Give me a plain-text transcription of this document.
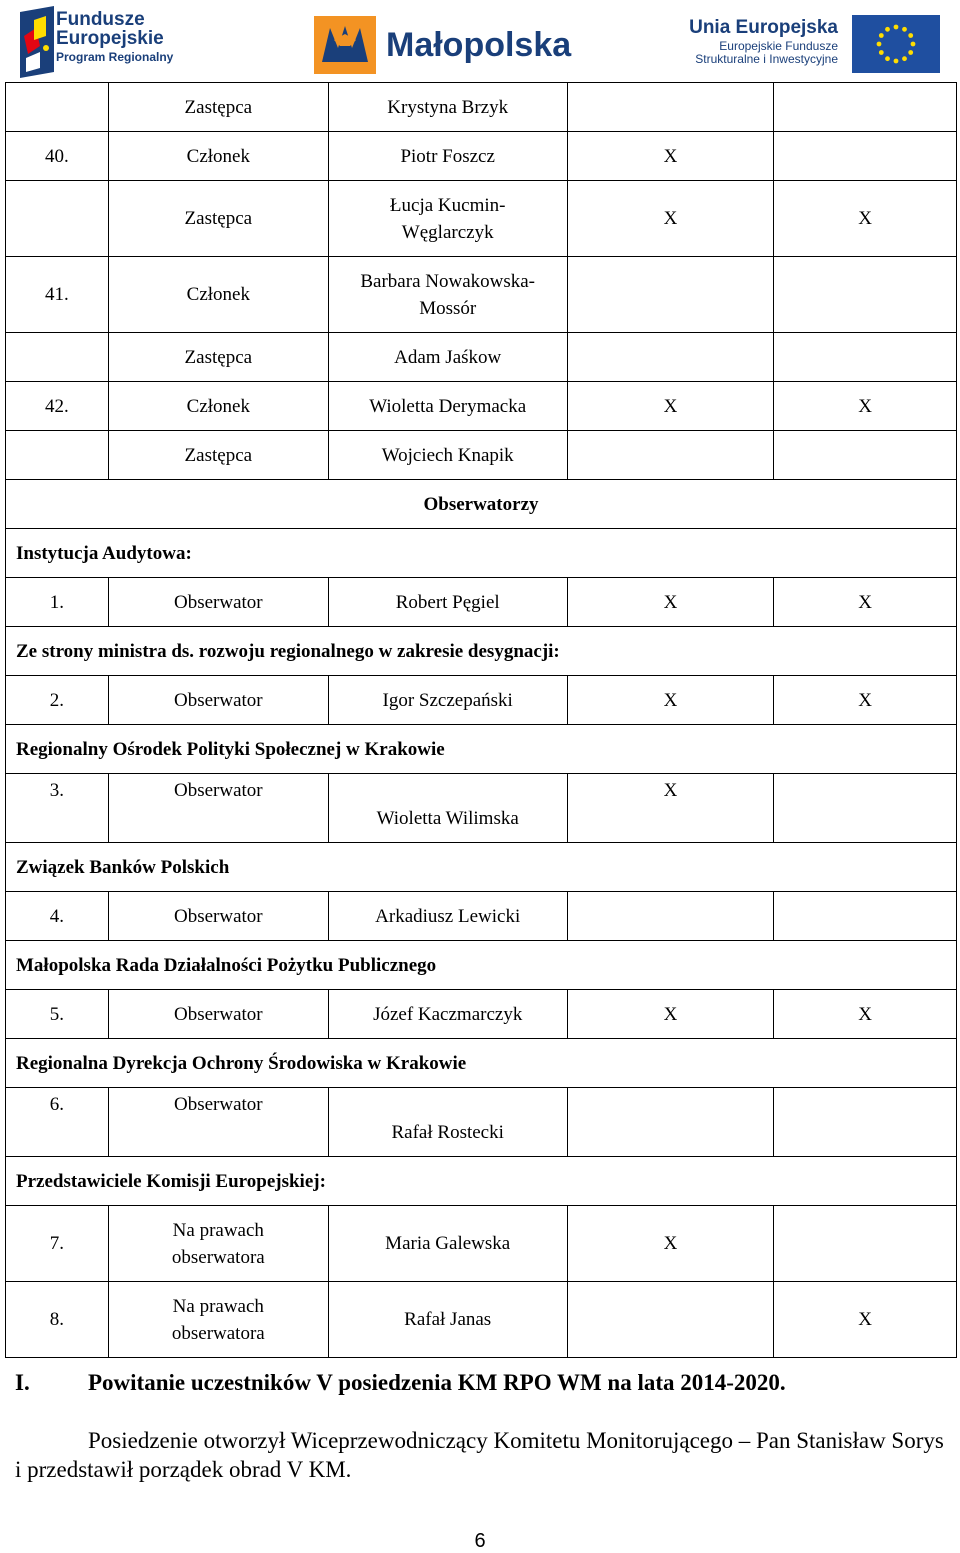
Fundusze
Europejskie
Program Regionalny	Małopolska	Unia Europejska
Europejskie Fundusze
Strukturalne i Inwestycyjne
	Zastępca	Krystyna Brzyk		
40.	Członek	Piotr Foszcz	X	
	Zastępca	Łucja Kucmin-Węglarczyk	X	X
41.	Członek	Barbara Nowakowska-Mossór		
	Zastępca	Adam Jaśkow		
42.	Członek	Wioletta Derymacka	X	X
	Zastępca	Wojciech Knapik		
Obserwatorzy				
Instytucja Audytowa:				
1.	Obserwator	Robert Pęgiel	X	X
Ze strony ministra ds. rozwoju regionalnego w zakresie desygnacji:				
2.	Obserwator	Igor Szczepański	X	X
Regionalny Ośrodek Polityki Społecznej w Krakowie				
3.	Obserwator	Wioletta Wilimska	X	
Związek Banków Polskich				
4.	Obserwator	Arkadiusz Lewicki		
Małopolska Rada Działalności Pożytku Publicznego				
5.	Obserwator	Józef Kaczmarczyk	X	X
Regionalna Dyrekcja Ochrony Środowiska w Krakowie				
6.	Obserwator	Rafał Rostecki		
Przedstawiciele Komisji Europejskiej:				
7.	Na prawach obserwatora	Maria Galewska	X	
8.	Na prawach obserwatora	Rafał Janas		X
I.	Powitanie uczestników V posiedzenia KM RPO WM na lata 2014-2020.
Posiedzenie otworzył Wiceprzewodniczący Komitetu Monitorującego – Pan Stanisław Sorys i przedstawił porządek obrad V KM.
6
